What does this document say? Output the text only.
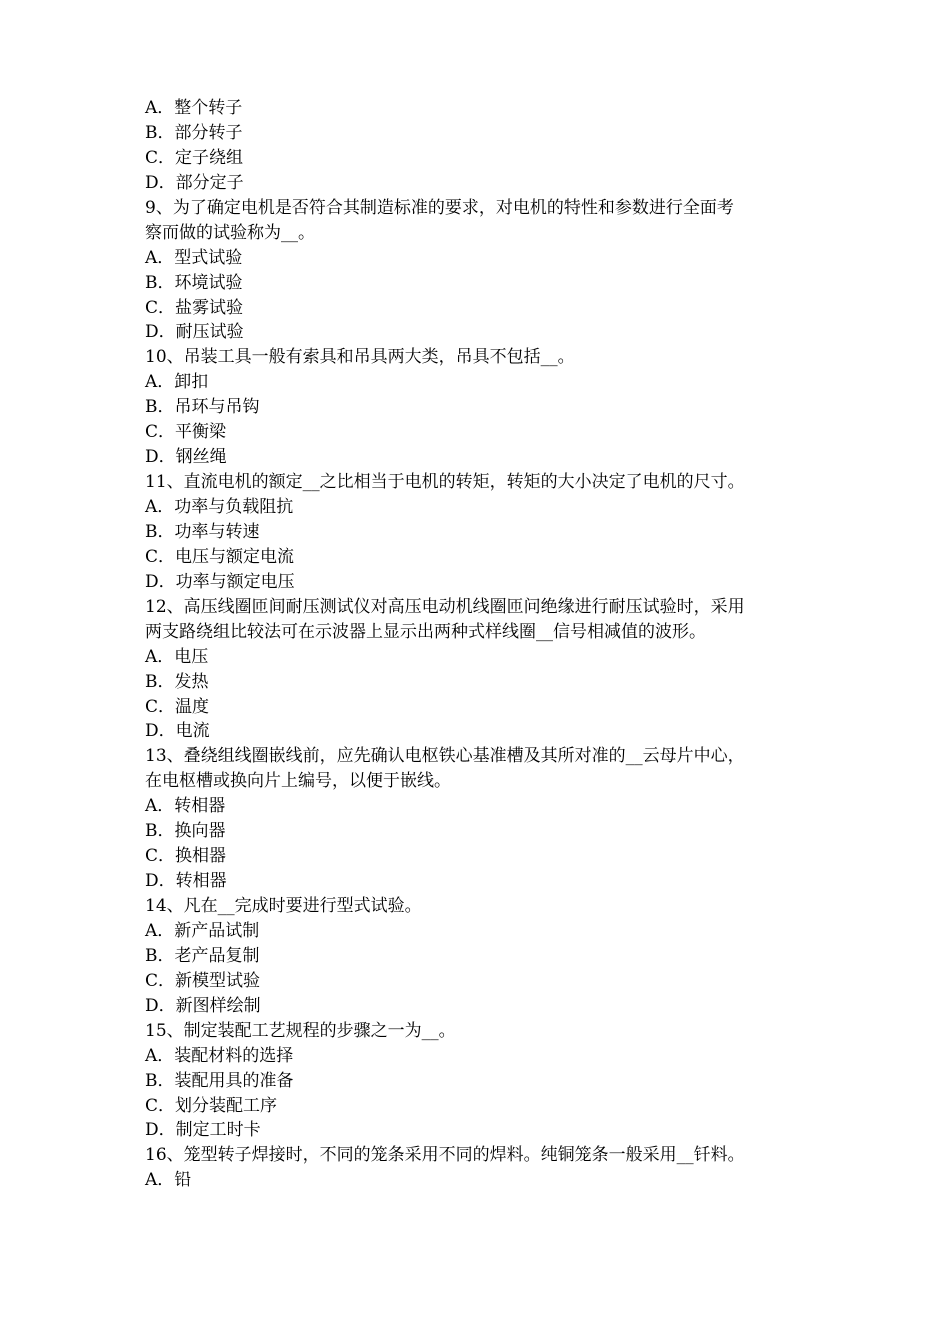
A．整个转子
B．部分转子
C．定子绕组
D．部分定子
9、为了确定电机是否符合其制造标准的要求，对电机的特性和参数进行全面考
察而做的试验称为__。
A．型式试验
B．环境试验
C．盐雾试验
D．耐压试验
10、吊装工具一般有索具和吊具两大类，吊具不包括__。
A．卸扣
B．吊环与吊钩
C．平衡梁
D．钢丝绳
11、直流电机的额定__之比相当于电机的转矩，转矩的大小决定了电机的尺寸。
A．功率与负载阻抗
B．功率与转速
C．电压与额定电流
D．功率与额定电压
12、高压线圈匝间耐压测试仪对高压电动机线圈匝问绝缘进行耐压试验时，采用
两支路绕组比较法可在示波器上显示出两种式样线圈__信号相减值的波形。
A．电压
B．发热
C．温度
D．电流
13、叠绕组线圈嵌线前，应先确认电枢铁心基准槽及其所对准的__云母片中心，
在电枢槽或换向片上编号，以便于嵌线。
A．转相器
B．换向器
C．换相器
D．转相器
14、凡在__完成时要进行型式试验。
A．新产品试制
B．老产品复制
C．新模型试验
D．新图样绘制
15、制定装配工艺规程的步骤之一为__。
A．装配材料的选择
B．装配用具的准备
C．划分装配工序
D．制定工时卡
16、笼型转子焊接时，不同的笼条采用不同的焊料。纯铜笼条一般采用__钎料。
A．铅
